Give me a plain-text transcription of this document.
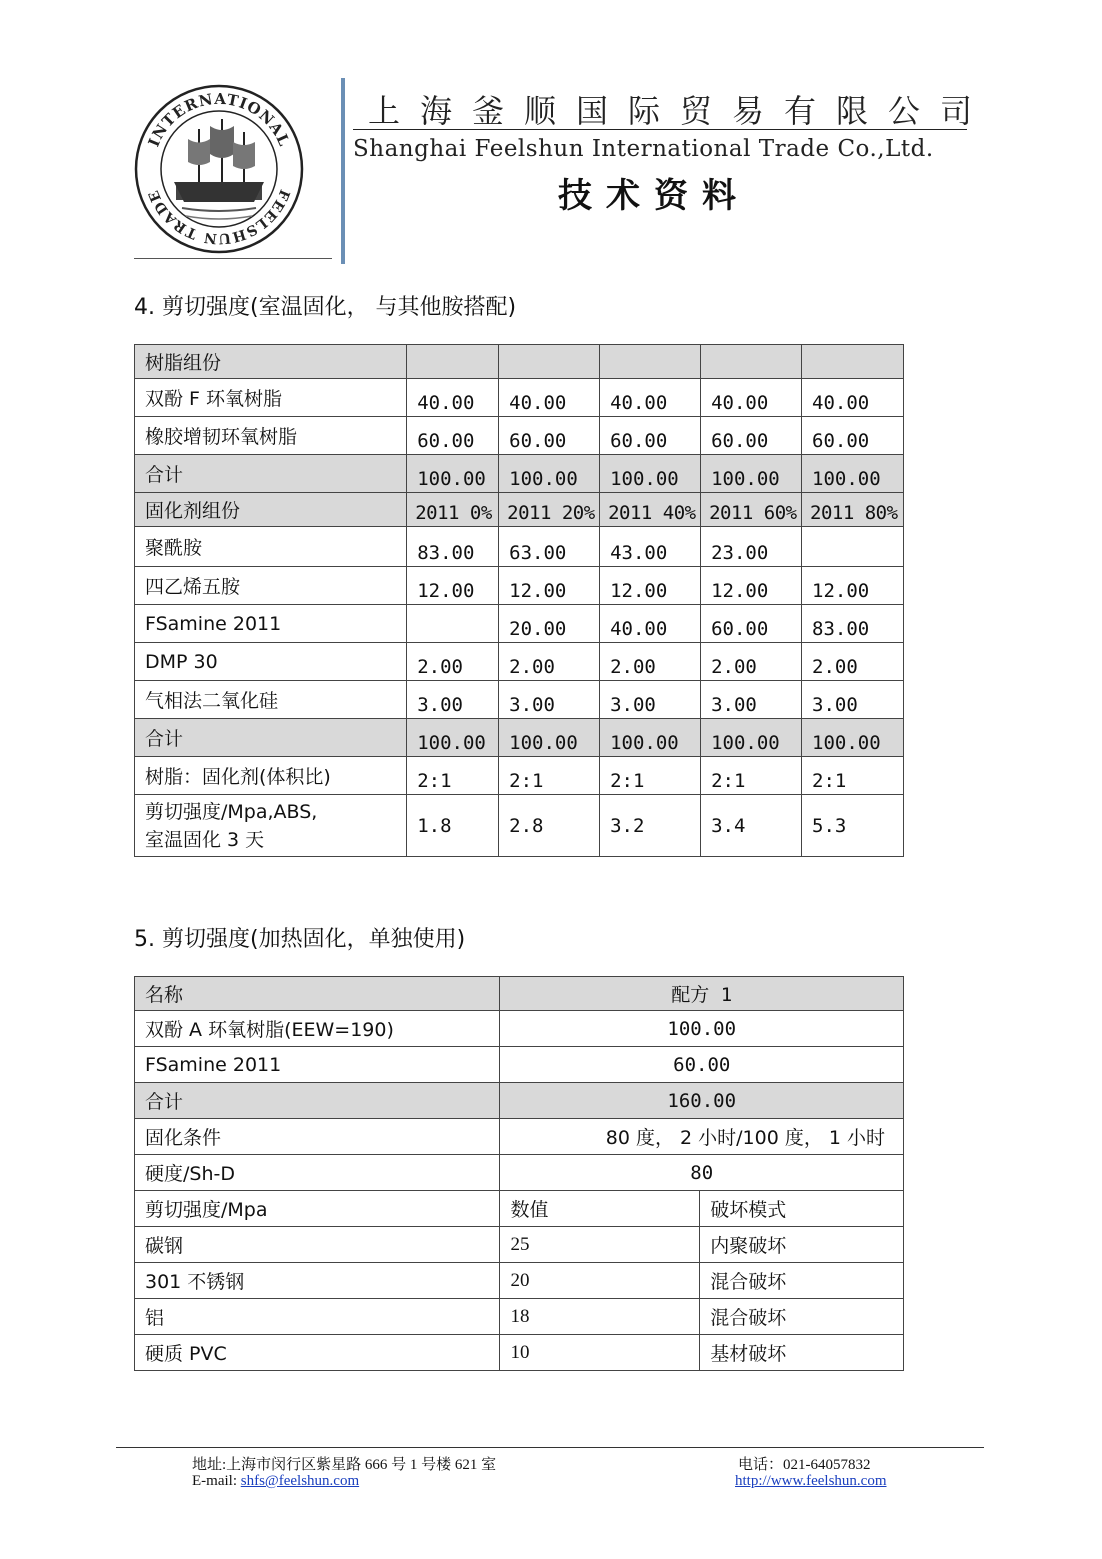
INTERNATIONAL
FEELSHUN TRADE
上海釜顺国际贸易有限公司
Shanghai Feelshun International Trade Co.,Ltd.
技术资料
4. 剪切强度(室温固化， 与其他胺搭配)
树脂组份					
双酚 F 环氧树脂	40.00	40.00	40.00	40.00	40.00
橡胶增韧环氧树脂	60.00	60.00	60.00	60.00	60.00
合计	100.00	100.00	100.00	100.00	100.00
固化剂组份	2011 0%	2011 20%	2011 40%	2011 60%	2011 80%
聚酰胺	83.00	63.00	43.00	23.00	
四乙烯五胺	12.00	12.00	12.00	12.00	12.00
FSamine 2011		20.00	40.00	60.00	83.00
DMP 30	2.00	2.00	2.00	2.00	2.00
气相法二氧化硅	3.00	3.00	3.00	3.00	3.00
合计	100.00	100.00	100.00	100.00	100.00
树脂：固化剂(体积比)	2:1	2:1	2:1	2:1	2:1
剪切强度/Mpa,ABS,
室温固化 3 天	1.8	2.8	3.2	3.4	5.3
5. 剪切强度(加热固化，单独使用)
名称	配方 1	
双酚 A 环氧树脂(EEW=190)	100.00	
FSamine 2011	60.00	
合计	160.00	
固化条件	80 度， 2 小时/100 度， 1 小时	
硬度/Sh-D	80	
剪切强度/Mpa	数值	破坏模式
碳钢	25	内聚破坏
301 不锈钢	20	混合破坏
铝	18	混合破坏
硬质 PVC	10	基材破坏
地址:上海市闵行区紫星路 666 号 1 号楼 621 室
E-mail: shfs@feelshun.com
电话：021-64057832
http://www.feelshun.com
